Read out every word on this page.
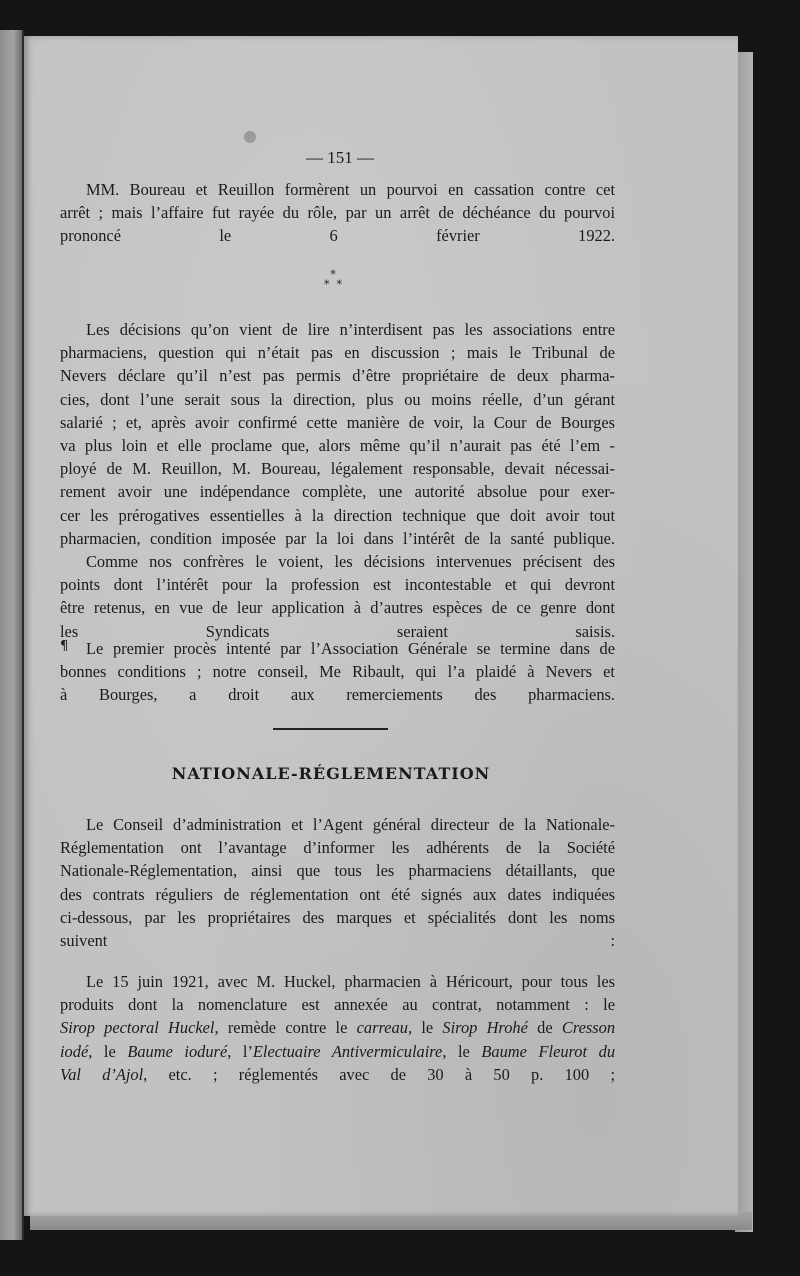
— 151 —
MM. Boureau et Reuillon formèrent un pourvoi en cassation contre cet
arrêt ; mais l’affaire fut rayée du rôle, par un arrêt de déchéance du pourvoi
prononcé le 6 février 1922.
*
*  *
Les décisions qu’on vient de lire n’interdisent pas les associations entre
pharmaciens, question qui n’était pas en discussion ; mais le Tribunal de
Nevers déclare qu’il n’est pas permis d’être propriétaire de deux pharma-
cies, dont l’une serait sous la direction, plus ou moins réelle, d’un gérant
salarié ; et, après avoir confirmé cette manière de voir, la Cour de Bourges
va plus loin et elle proclame que, alors même qu’il n’aurait pas été l’em -
ployé de M. Reuillon, M. Boureau, légalement responsable, devait nécessai-
rement avoir une indépendance complète, une autorité absolue pour exer-
cer les prérogatives essentielles à la direction technique que doit avoir tout
pharmacien, condition imposée par la loi dans l’intérêt de la santé publique.
Comme nos confrères le voient, les décisions intervenues précisent des
points dont l’intérêt pour la profession est incontestable et qui devront
être retenus, en vue de leur application à d’autres espèces de ce genre dont
les Syndicats seraient saisis.
¶	Le premier procès intenté par l’Association Générale se termine dans de
bonnes conditions ; notre conseil, Me Ribault, qui l’a plaidé à Nevers et
à Bourges, a droit aux remerciements des pharmaciens.
NATIONALE-RÉGLEMENTATION
Le Conseil d’administration et l’Agent général directeur de la Nationale-
Réglementation ont l’avantage d’informer les adhérents de la Société
Nationale-Réglementation, ainsi que tous les pharmaciens détaillants, que
des contrats réguliers de réglementation ont été signés aux dates indiquées
ci-dessous, par les propriétaires des marques et spécialités dont les noms
suivent :
Le 15 juin 1921, avec M. Huckel, pharmacien à Héricourt, pour tous les
produits dont la nomenclature est annexée au contrat, notamment : le
Sirop pectoral Huckel, remède contre le carreau, le Sirop Hrohé de Cresson
iodé, le Baume ioduré, l’Electuaire Antivermiculaire, le Baume Fleurot du
Val d’Ajol, etc. ; réglementés avec de 30 à 50 p. 100 ;
